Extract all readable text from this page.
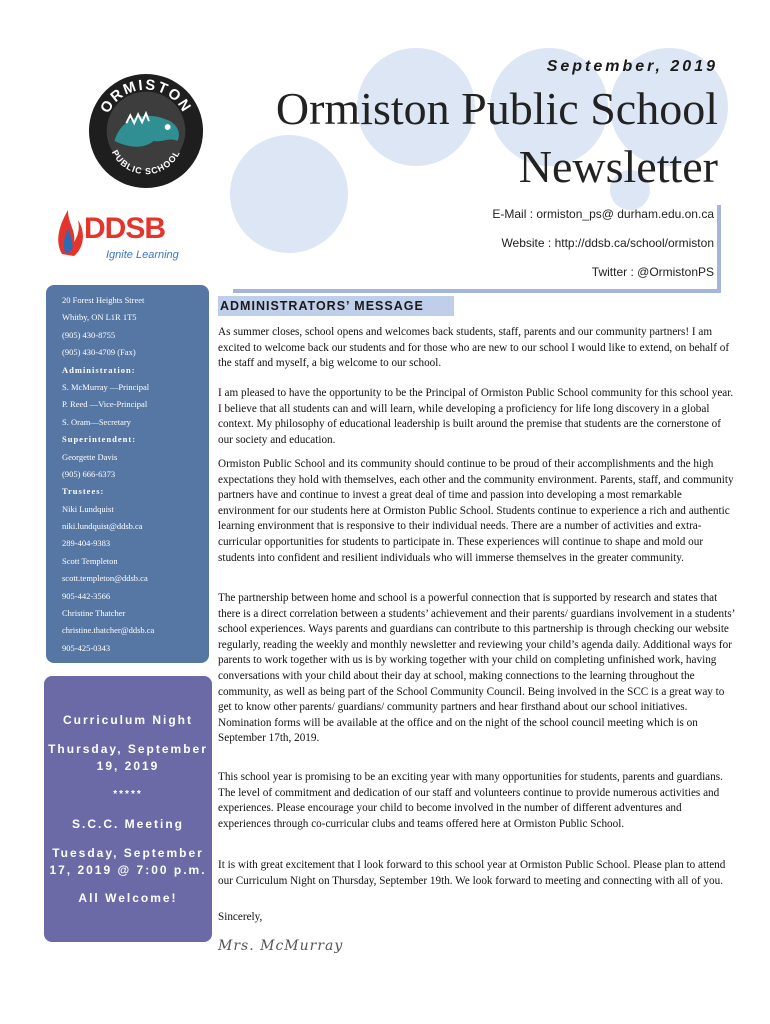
ORMISTON
PUBLIC SCHOOL
DDSB
Ignite Learning
September, 2019
Ormiston Public School
Newsletter
E-Mail : ormiston_ps@ durham.edu.on.ca
Website : http://ddsb.ca/school/ormiston
Twitter : @OrmistonPS
20 Forest Heights Street
Whitby, ON L1R 1T5
(905) 430-8755
(905) 430-4709 (Fax)
Administration:
S. McMurray —Principal
P. Reed —Vice-Principal
S. Oram—Secretary
Superintendent:
Georgette Davis
(905) 666-6373
Trustees:
Niki Lundquist
niki.lundquist@ddsb.ca
289-404-9383
Scott Templeton
scott.templeton@ddsb.ca
905-442-3566
Christine Thatcher
christine.thatcher@ddsb.ca
905-425-0343
Curriculum Night
Thursday, September
19, 2019
*****
S.C.C. Meeting
Tuesday, September
17, 2019 @ 7:00 p.m.
All Welcome!
ADMINISTRATORS’ MESSAGE
As summer closes, school opens and welcomes back students, staff, parents and our community partners! I am excited to welcome back our students and for those who are new to our school I would like to extend, on behalf of the staff and myself, a big welcome to our school.
I am pleased to have the opportunity to be the Principal of Ormiston Public School community for this school year. I believe that all students can and will learn, while developing a proficiency for life long discovery in a global context. My philosophy of educational leadership is built around the premise that students are the cornerstone of our society and education.
Ormiston Public School and its community should continue to be proud of their accomplishments and the high expectations they hold with themselves, each other and the community environment. Parents, staff, and community partners have and continue to invest a great deal of time and passion into developing a most remarkable environment for our students here at Ormiston Public School. Students continue to experience a rich and authentic learning environment that is responsive to their individual needs. There are a number of activities and extra-curricular opportunities for students to participate in. These experiences will continue to shape and mold our students into confident and resilient individuals who will immerse themselves in the greater community.
The partnership between home and school is a powerful connection that is supported by research and states that there is a direct correlation between a students’ achievement and their parents/ guardians involvement in a students’ school experiences. Ways parents and guardians can contribute to this partnership is through checking our website regularly, reading the weekly and monthly newsletter and reviewing your child’s agenda daily. Additional ways for parents to work together with us is by working together with your child on completing unfinished work, having conversations with your child about their day at school, making connections to the learning throughout the community, as well as being part of the School Community Council. Being involved in the SCC is a great way to get to know other parents/ guardians/ community partners and hear firsthand about our school initiatives. Nomination forms will be available at the office and on the night of the school council meeting which is on September 17th, 2019.
This school year is promising to be an exciting year with many opportunities for students, parents and guardians. The level of commitment and dedication of our staff and volunteers continue to provide numerous activities and experiences. Please encourage your child to become involved in the number of different adventures and experiences through co-curricular clubs and teams offered here at Ormiston Public School.
It is with great excitement that I look forward to this school year at Ormiston Public School. Please plan to attend our Curriculum Night on Thursday, September 19th. We look forward to meeting and connecting with all of you.
Sincerely,
Mrs. McMurray
